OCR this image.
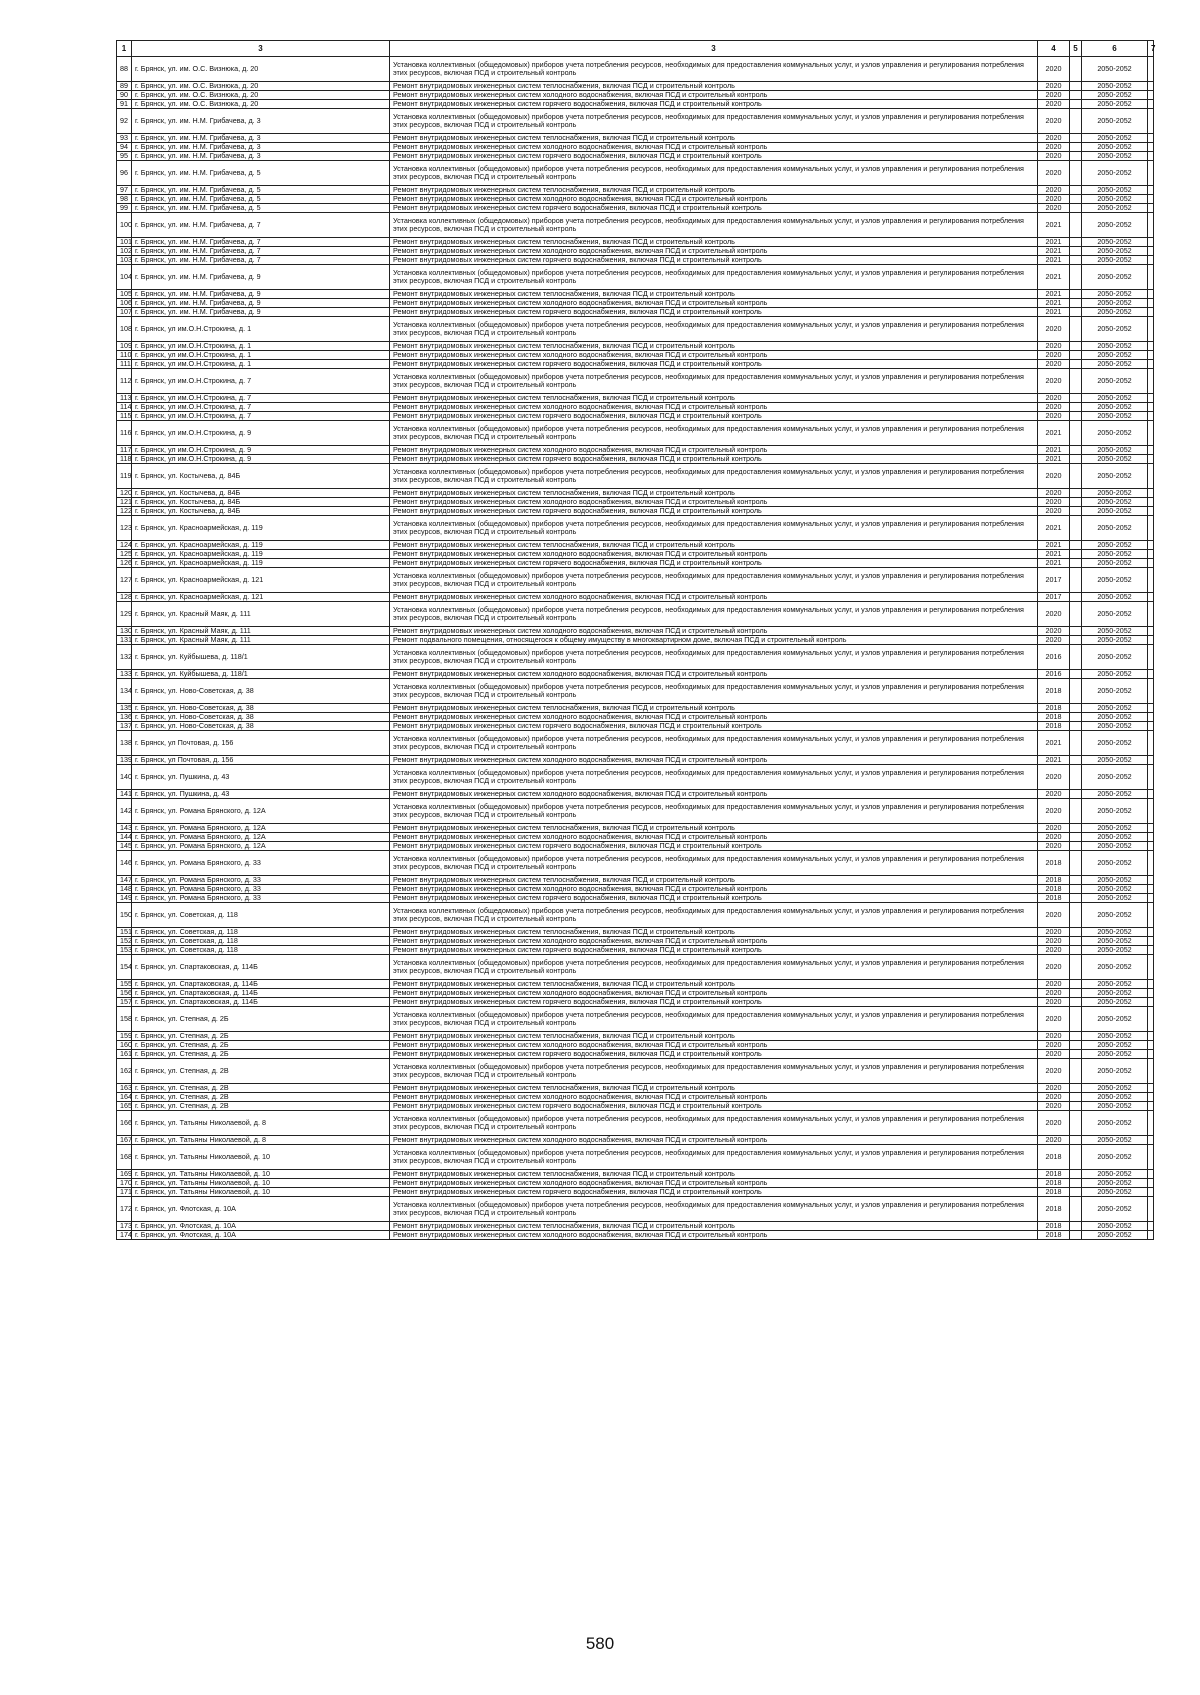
1	3	3	4	5	6	7
88	г. Брянск, ул. им. О.С. Визнюка, д. 20	Установка коллективных (общедомовых) приборов учета потребления ресурсов, необходимых для предоставления коммунальных услуг, и узлов управления и регулирования потребления этих ресурсов, включая ПСД и строительный контроль	2020		2050-2052	
89	г. Брянск, ул. им. О.С. Визнюка, д. 20	Ремонт внутридомовых инженерных систем теплоснабжения, включая ПСД и строительный контроль	2020		2050-2052	
90	г. Брянск, ул. им. О.С. Визнюка, д. 20	Ремонт внутридомовых инженерных систем холодного водоснабжения, включая ПСД и строительный контроль	2020		2050-2052	
91	г. Брянск, ул. им. О.С. Визнюка, д. 20	Ремонт внутридомовых инженерных систем горячего водоснабжения, включая ПСД и строительный контроль	2020		2050-2052	
92	г. Брянск, ул. им. Н.М. Грибачева, д. 3	Установка коллективных (общедомовых) приборов учета потребления ресурсов, необходимых для предоставления коммунальных услуг, и узлов управления и регулирования потребления этих ресурсов, включая ПСД и строительный контроль	2020		2050-2052	
93	г. Брянск, ул. им. Н.М. Грибачева, д. 3	Ремонт внутридомовых инженерных систем теплоснабжения, включая ПСД и строительный контроль	2020		2050-2052	
94	г. Брянск, ул. им. Н.М. Грибачева, д. 3	Ремонт внутридомовых инженерных систем холодного водоснабжения, включая ПСД и строительный контроль	2020		2050-2052	
95	г. Брянск, ул. им. Н.М. Грибачева, д. 3	Ремонт внутридомовых инженерных систем горячего водоснабжения, включая ПСД и строительный контроль	2020		2050-2052	
96	г. Брянск, ул. им. Н.М. Грибачева, д. 5	Установка коллективных (общедомовых) приборов учета потребления ресурсов, необходимых для предоставления коммунальных услуг, и узлов управления и регулирования потребления этих ресурсов, включая ПСД и строительный контроль	2020		2050-2052	
97	г. Брянск, ул. им. Н.М. Грибачева, д. 5	Ремонт внутридомовых инженерных систем теплоснабжения, включая ПСД и строительный контроль	2020		2050-2052	
98	г. Брянск, ул. им. Н.М. Грибачева, д. 5	Ремонт внутридомовых инженерных систем холодного водоснабжения, включая ПСД и строительный контроль	2020		2050-2052	
99	г. Брянск, ул. им. Н.М. Грибачева, д. 5	Ремонт внутридомовых инженерных систем горячего водоснабжения, включая ПСД и строительный контроль	2020		2050-2052	
100	г. Брянск, ул. им. Н.М. Грибачева, д. 7	Установка коллективных (общедомовых) приборов учета потребления ресурсов, необходимых для предоставления коммунальных услуг, и узлов управления и регулирования потребления этих ресурсов, включая ПСД и строительный контроль	2021		2050-2052	
101	г. Брянск, ул. им. Н.М. Грибачева, д. 7	Ремонт внутридомовых инженерных систем теплоснабжения, включая ПСД и строительный контроль	2021		2050-2052	
102	г. Брянск, ул. им. Н.М. Грибачева, д. 7	Ремонт внутридомовых инженерных систем холодного водоснабжения, включая ПСД и строительный контроль	2021		2050-2052	
103	г. Брянск, ул. им. Н.М. Грибачева, д. 7	Ремонт внутридомовых инженерных систем горячего водоснабжения, включая ПСД и строительный контроль	2021		2050-2052	
104	г. Брянск, ул. им. Н.М. Грибачева, д. 9	Установка коллективных (общедомовых) приборов учета потребления ресурсов, необходимых для предоставления коммунальных услуг, и узлов управления и регулирования потребления этих ресурсов, включая ПСД и строительный контроль	2021		2050-2052	
105	г. Брянск, ул. им. Н.М. Грибачева, д. 9	Ремонт внутридомовых инженерных систем теплоснабжения, включая ПСД и строительный контроль	2021		2050-2052	
106	г. Брянск, ул. им. Н.М. Грибачева, д. 9	Ремонт внутридомовых инженерных систем холодного водоснабжения, включая ПСД и строительный контроль	2021		2050-2052	
107	г. Брянск, ул. им. Н.М. Грибачева, д. 9	Ремонт внутридомовых инженерных систем горячего водоснабжения, включая ПСД и строительный контроль	2021		2050-2052	
108	г. Брянск, ул им.О.Н.Строкина, д. 1	Установка коллективных (общедомовых) приборов учета потребления ресурсов, необходимых для предоставления коммунальных услуг, и узлов управления и регулирования потребления этих ресурсов, включая ПСД и строительный контроль	2020		2050-2052	
109	г. Брянск, ул им.О.Н.Строкина, д. 1	Ремонт внутридомовых инженерных систем теплоснабжения, включая ПСД и строительный контроль	2020		2050-2052	
110	г. Брянск, ул им.О.Н.Строкина, д. 1	Ремонт внутридомовых инженерных систем холодного водоснабжения, включая ПСД и строительный контроль	2020		2050-2052	
111	г. Брянск, ул им.О.Н.Строкина, д. 1	Ремонт внутридомовых инженерных систем горячего водоснабжения, включая ПСД и строительный контроль	2020		2050-2052	
112	г. Брянск, ул им.О.Н.Строкина, д. 7	Установка коллективных (общедомовых) приборов учета потребления ресурсов, необходимых для предоставления коммунальных услуг, и узлов управления и регулирования потребления этих ресурсов, включая ПСД и строительный контроль	2020		2050-2052	
113	г. Брянск, ул им.О.Н.Строкина, д. 7	Ремонт внутридомовых инженерных систем теплоснабжения, включая ПСД и строительный контроль	2020		2050-2052	
114	г. Брянск, ул им.О.Н.Строкина, д. 7	Ремонт внутридомовых инженерных систем холодного водоснабжения, включая ПСД и строительный контроль	2020		2050-2052	
115	г. Брянск, ул им.О.Н.Строкина, д. 7	Ремонт внутридомовых инженерных систем горячего водоснабжения, включая ПСД и строительный контроль	2020		2050-2052	
116	г. Брянск, ул им.О.Н.Строкина, д. 9	Установка коллективных (общедомовых) приборов учета потребления ресурсов, необходимых для предоставления коммунальных услуг, и узлов управления и регулирования потребления этих ресурсов, включая ПСД и строительный контроль	2021		2050-2052	
117	г. Брянск, ул им.О.Н.Строкина, д. 9	Ремонт внутридомовых инженерных систем холодного водоснабжения, включая ПСД и строительный контроль	2021		2050-2052	
118	г. Брянск, ул им.О.Н.Строкина, д. 9	Ремонт внутридомовых инженерных систем горячего водоснабжения, включая ПСД и строительный контроль	2021		2050-2052	
119	г. Брянск, ул. Костычева, д. 84Б	Установка коллективных (общедомовых) приборов учета потребления ресурсов, необходимых для предоставления коммунальных услуг, и узлов управления и регулирования потребления этих ресурсов, включая ПСД и строительный контроль	2020		2050-2052	
120	г. Брянск, ул. Костычева, д. 84Б	Ремонт внутридомовых инженерных систем теплоснабжения, включая ПСД и строительный контроль	2020		2050-2052	
121	г. Брянск, ул. Костычева, д. 84Б	Ремонт внутридомовых инженерных систем холодного водоснабжения, включая ПСД и строительный контроль	2020		2050-2052	
122	г. Брянск, ул. Костычева, д. 84Б	Ремонт внутридомовых инженерных систем горячего водоснабжения, включая ПСД и строительный контроль	2020		2050-2052	
123	г. Брянск, ул. Красноармейская, д. 119	Установка коллективных (общедомовых) приборов учета потребления ресурсов, необходимых для предоставления коммунальных услуг, и узлов управления и регулирования потребления этих ресурсов, включая ПСД и строительный контроль	2021		2050-2052	
124	г. Брянск, ул. Красноармейская, д. 119	Ремонт внутридомовых инженерных систем теплоснабжения, включая ПСД и строительный контроль	2021		2050-2052	
125	г. Брянск, ул. Красноармейская, д. 119	Ремонт внутридомовых инженерных систем холодного водоснабжения, включая ПСД и строительный контроль	2021		2050-2052	
126	г. Брянск, ул. Красноармейская, д. 119	Ремонт внутридомовых инженерных систем горячего водоснабжения, включая ПСД и строительный контроль	2021		2050-2052	
127	г. Брянск, ул. Красноармейская, д. 121	Установка коллективных (общедомовых) приборов учета потребления ресурсов, необходимых для предоставления коммунальных услуг, и узлов управления и регулирования потребления этих ресурсов, включая ПСД и строительный контроль	2017		2050-2052	
128	г. Брянск, ул. Красноармейская, д. 121	Ремонт внутридомовых инженерных систем холодного водоснабжения, включая ПСД и строительный контроль	2017		2050-2052	
129	г. Брянск, ул. Красный Маяк, д. 111	Установка коллективных (общедомовых) приборов учета потребления ресурсов, необходимых для предоставления коммунальных услуг, и узлов управления и регулирования потребления этих ресурсов, включая ПСД и строительный контроль	2020		2050-2052	
130	г. Брянск, ул. Красный Маяк, д. 111	Ремонт внутридомовых инженерных систем холодного водоснабжения, включая ПСД и строительный контроль	2020		2050-2052	
131	г. Брянск, ул. Красный Маяк, д. 111	Ремонт подвального помещения, относящегося к общему имуществу в многоквартирном доме, включая ПСД и строительный контроль	2020		2050-2052	
132	г. Брянск, ул. Куйбышева, д. 118/1	Установка коллективных (общедомовых) приборов учета потребления ресурсов, необходимых для предоставления коммунальных услуг, и узлов управления и регулирования потребления этих ресурсов, включая ПСД и строительный контроль	2016		2050-2052	
133	г. Брянск, ул. Куйбышева, д. 118/1	Ремонт внутридомовых инженерных систем холодного водоснабжения, включая ПСД и строительный контроль	2016		2050-2052	
134	г. Брянск, ул. Ново-Советская, д. 38	Установка коллективных (общедомовых) приборов учета потребления ресурсов, необходимых для предоставления коммунальных услуг, и узлов управления и регулирования потребления этих ресурсов, включая ПСД и строительный контроль	2018		2050-2052	
135	г. Брянск, ул. Ново-Советская, д. 38	Ремонт внутридомовых инженерных систем теплоснабжения, включая ПСД и строительный контроль	2018		2050-2052	
136	г. Брянск, ул. Ново-Советская, д. 38	Ремонт внутридомовых инженерных систем холодного водоснабжения, включая ПСД и строительный контроль	2018		2050-2052	
137	г. Брянск, ул. Ново-Советская, д. 38	Ремонт внутридомовых инженерных систем горячего водоснабжения, включая ПСД и строительный контроль	2018		2050-2052	
138	г. Брянск, ул Почтовая, д. 156	Установка коллективных (общедомовых) приборов учета потребления ресурсов, необходимых для предоставления коммунальных услуг, и узлов управления и регулирования потребления этих ресурсов, включая ПСД и строительный контроль	2021		2050-2052	
139	г. Брянск, ул Почтовая, д. 156	Ремонт внутридомовых инженерных систем холодного водоснабжения, включая ПСД и строительный контроль	2021		2050-2052	
140	г. Брянск, ул. Пушкина, д. 43	Установка коллективных (общедомовых) приборов учета потребления ресурсов, необходимых для предоставления коммунальных услуг, и узлов управления и регулирования потребления этих ресурсов, включая ПСД и строительный контроль	2020		2050-2052	
141	г. Брянск, ул. Пушкина, д. 43	Ремонт внутридомовых инженерных систем холодного водоснабжения, включая ПСД и строительный контроль	2020		2050-2052	
142	г. Брянск, ул. Романа Брянского, д. 12А	Установка коллективных (общедомовых) приборов учета потребления ресурсов, необходимых для предоставления коммунальных услуг, и узлов управления и регулирования потребления этих ресурсов, включая ПСД и строительный контроль	2020		2050-2052	
143	г. Брянск, ул. Романа Брянского, д. 12А	Ремонт внутридомовых инженерных систем теплоснабжения, включая ПСД и строительный контроль	2020		2050-2052	
144	г. Брянск, ул. Романа Брянского, д. 12А	Ремонт внутридомовых инженерных систем холодного водоснабжения, включая ПСД и строительный контроль	2020		2050-2052	
145	г. Брянск, ул. Романа Брянского, д. 12А	Ремонт внутридомовых инженерных систем горячего водоснабжения, включая ПСД и строительный контроль	2020		2050-2052	
146	г. Брянск, ул. Романа Брянского, д. 33	Установка коллективных (общедомовых) приборов учета потребления ресурсов, необходимых для предоставления коммунальных услуг, и узлов управления и регулирования потребления этих ресурсов, включая ПСД и строительный контроль	2018		2050-2052	
147	г. Брянск, ул. Романа Брянского, д. 33	Ремонт внутридомовых инженерных систем теплоснабжения, включая ПСД и строительный контроль	2018		2050-2052	
148	г. Брянск, ул. Романа Брянского, д. 33	Ремонт внутридомовых инженерных систем холодного водоснабжения, включая ПСД и строительный контроль	2018		2050-2052	
149	г. Брянск, ул. Романа Брянского, д. 33	Ремонт внутридомовых инженерных систем горячего водоснабжения, включая ПСД и строительный контроль	2018		2050-2052	
150	г. Брянск, ул. Советская, д. 118	Установка коллективных (общедомовых) приборов учета потребления ресурсов, необходимых для предоставления коммунальных услуг, и узлов управления и регулирования потребления этих ресурсов, включая ПСД и строительный контроль	2020		2050-2052	
151	г. Брянск, ул. Советская, д. 118	Ремонт внутридомовых инженерных систем теплоснабжения, включая ПСД и строительный контроль	2020		2050-2052	
152	г. Брянск, ул. Советская, д. 118	Ремонт внутридомовых инженерных систем холодного водоснабжения, включая ПСД и строительный контроль	2020		2050-2052	
153	г. Брянск, ул. Советская, д. 118	Ремонт внутридомовых инженерных систем горячего водоснабжения, включая ПСД и строительный контроль	2020		2050-2052	
154	г. Брянск, ул. Спартаковская, д. 114Б	Установка коллективных (общедомовых) приборов учета потребления ресурсов, необходимых для предоставления коммунальных услуг, и узлов управления и регулирования потребления этих ресурсов, включая ПСД и строительный контроль	2020		2050-2052	
155	г. Брянск, ул. Спартаковская, д. 114Б	Ремонт внутридомовых инженерных систем теплоснабжения, включая ПСД и строительный контроль	2020		2050-2052	
156	г. Брянск, ул. Спартаковская, д. 114Б	Ремонт внутридомовых инженерных систем холодного водоснабжения, включая ПСД и строительный контроль	2020		2050-2052	
157	г. Брянск, ул. Спартаковская, д. 114Б	Ремонт внутридомовых инженерных систем горячего водоснабжения, включая ПСД и строительный контроль	2020		2050-2052	
158	г. Брянск, ул. Степная, д. 2Б	Установка коллективных (общедомовых) приборов учета потребления ресурсов, необходимых для предоставления коммунальных услуг, и узлов управления и регулирования потребления этих ресурсов, включая ПСД и строительный контроль	2020		2050-2052	
159	г. Брянск, ул. Степная, д. 2Б	Ремонт внутридомовых инженерных систем теплоснабжения, включая ПСД и строительный контроль	2020		2050-2052	
160	г. Брянск, ул. Степная, д. 2Б	Ремонт внутридомовых инженерных систем холодного водоснабжения, включая ПСД и строительный контроль	2020		2050-2052	
161	г. Брянск, ул. Степная, д. 2Б	Ремонт внутридомовых инженерных систем горячего водоснабжения, включая ПСД и строительный контроль	2020		2050-2052	
162	г. Брянск, ул. Степная, д. 2В	Установка коллективных (общедомовых) приборов учета потребления ресурсов, необходимых для предоставления коммунальных услуг, и узлов управления и регулирования потребления этих ресурсов, включая ПСД и строительный контроль	2020		2050-2052	
163	г. Брянск, ул. Степная, д. 2В	Ремонт внутридомовых инженерных систем теплоснабжения, включая ПСД и строительный контроль	2020		2050-2052	
164	г. Брянск, ул. Степная, д. 2В	Ремонт внутридомовых инженерных систем холодного водоснабжения, включая ПСД и строительный контроль	2020		2050-2052	
165	г. Брянск, ул. Степная, д. 2В	Ремонт внутридомовых инженерных систем горячего водоснабжения, включая ПСД и строительный контроль	2020		2050-2052	
166	г. Брянск, ул. Татьяны Николаевой, д. 8	Установка коллективных (общедомовых) приборов учета потребления ресурсов, необходимых для предоставления коммунальных услуг, и узлов управления и регулирования потребления этих ресурсов, включая ПСД и строительный контроль	2020		2050-2052	
167	г. Брянск, ул. Татьяны Николаевой, д. 8	Ремонт внутридомовых инженерных систем холодного водоснабжения, включая ПСД и строительный контроль	2020		2050-2052	
168	г. Брянск, ул. Татьяны Николаевой, д. 10	Установка коллективных (общедомовых) приборов учета потребления ресурсов, необходимых для предоставления коммунальных услуг, и узлов управления и регулирования потребления этих ресурсов, включая ПСД и строительный контроль	2018		2050-2052	
169	г. Брянск, ул. Татьяны Николаевой, д. 10	Ремонт внутридомовых инженерных систем теплоснабжения, включая ПСД и строительный контроль	2018		2050-2052	
170	г. Брянск, ул. Татьяны Николаевой, д. 10	Ремонт внутридомовых инженерных систем холодного водоснабжения, включая ПСД и строительный контроль	2018		2050-2052	
171	г. Брянск, ул. Татьяны Николаевой, д. 10	Ремонт внутридомовых инженерных систем горячего водоснабжения, включая ПСД и строительный контроль	2018		2050-2052	
172	г. Брянск, ул. Флотская, д. 10А	Установка коллективных (общедомовых) приборов учета потребления ресурсов, необходимых для предоставления коммунальных услуг, и узлов управления и регулирования потребления этих ресурсов, включая ПСД и строительный контроль	2018		2050-2052	
173	г. Брянск, ул. Флотская, д. 10А	Ремонт внутридомовых инженерных систем теплоснабжения, включая ПСД и строительный контроль	2018		2050-2052	
174	г. Брянск, ул. Флотская, д. 10А	Ремонт внутридомовых инженерных систем холодного водоснабжения, включая ПСД и строительный контроль	2018		2050-2052	
580
